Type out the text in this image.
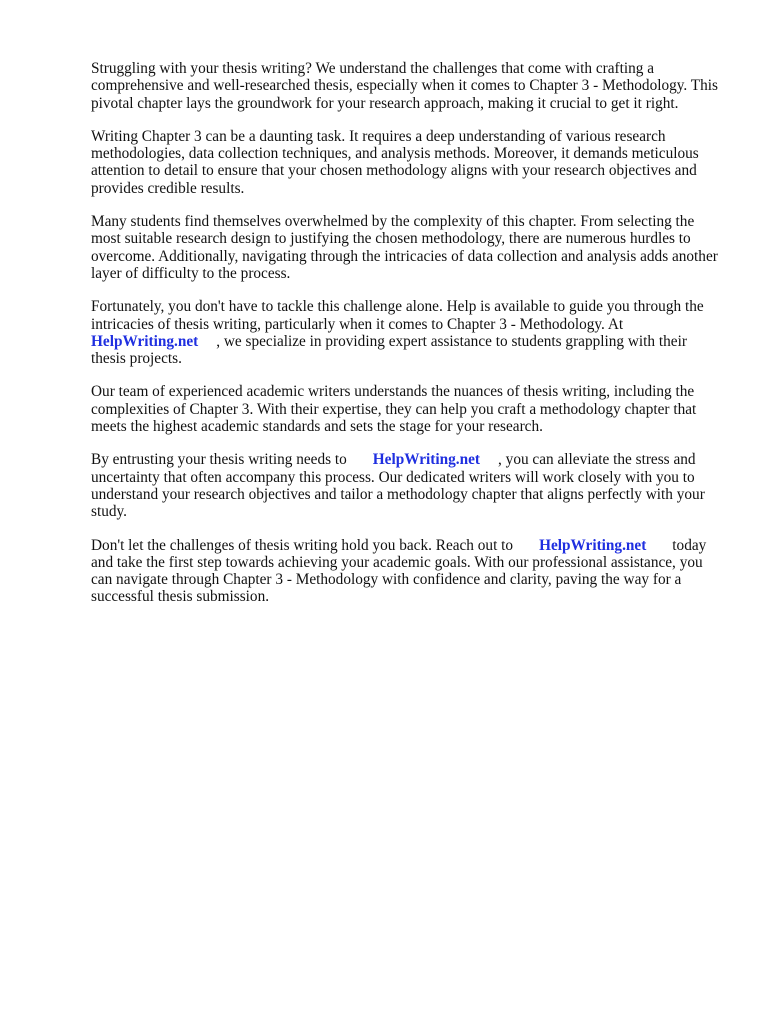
Struggling with your thesis writing? We understand the challenges that come with crafting a comprehensive and well-researched thesis, especially when it comes to Chapter 3 - Methodology. This pivotal chapter lays the groundwork for your research approach, making it crucial to get it right.

Writing Chapter 3 can be a daunting task. It requires a deep understanding of various research methodologies, data collection techniques, and analysis methods. Moreover, it demands meticulous attention to detail to ensure that your chosen methodology aligns with your research objectives and provides credible results.

Many students find themselves overwhelmed by the complexity of this chapter. From selecting the most suitable research design to justifying the chosen methodology, there are numerous hurdles to overcome. Additionally, navigating through the intricacies of data collection and analysis adds another layer of difficulty to the process.

Fortunately, you don't have to tackle this challenge alone. Help is available to guide you through the intricacies of thesis writing, particularly when it comes to Chapter 3 - Methodology. At HelpWriting.net , we specialize in providing expert assistance to students grappling with their thesis projects.

Our team of experienced academic writers understands the nuances of thesis writing, including the complexities of Chapter 3. With their expertise, they can help you craft a methodology chapter that meets the highest academic standards and sets the stage for your research.

By entrusting your thesis writing needs to HelpWriting.net , you can alleviate the stress and uncertainty that often accompany this process. Our dedicated writers will work closely with you to understand your research objectives and tailor a methodology chapter that aligns perfectly with your study.

Don't let the challenges of thesis writing hold you back. Reach out to HelpWriting.net today and take the first step towards achieving your academic goals. With our professional assistance, you can navigate through Chapter 3 - Methodology with confidence and clarity, paving the way for a successful thesis submission.
